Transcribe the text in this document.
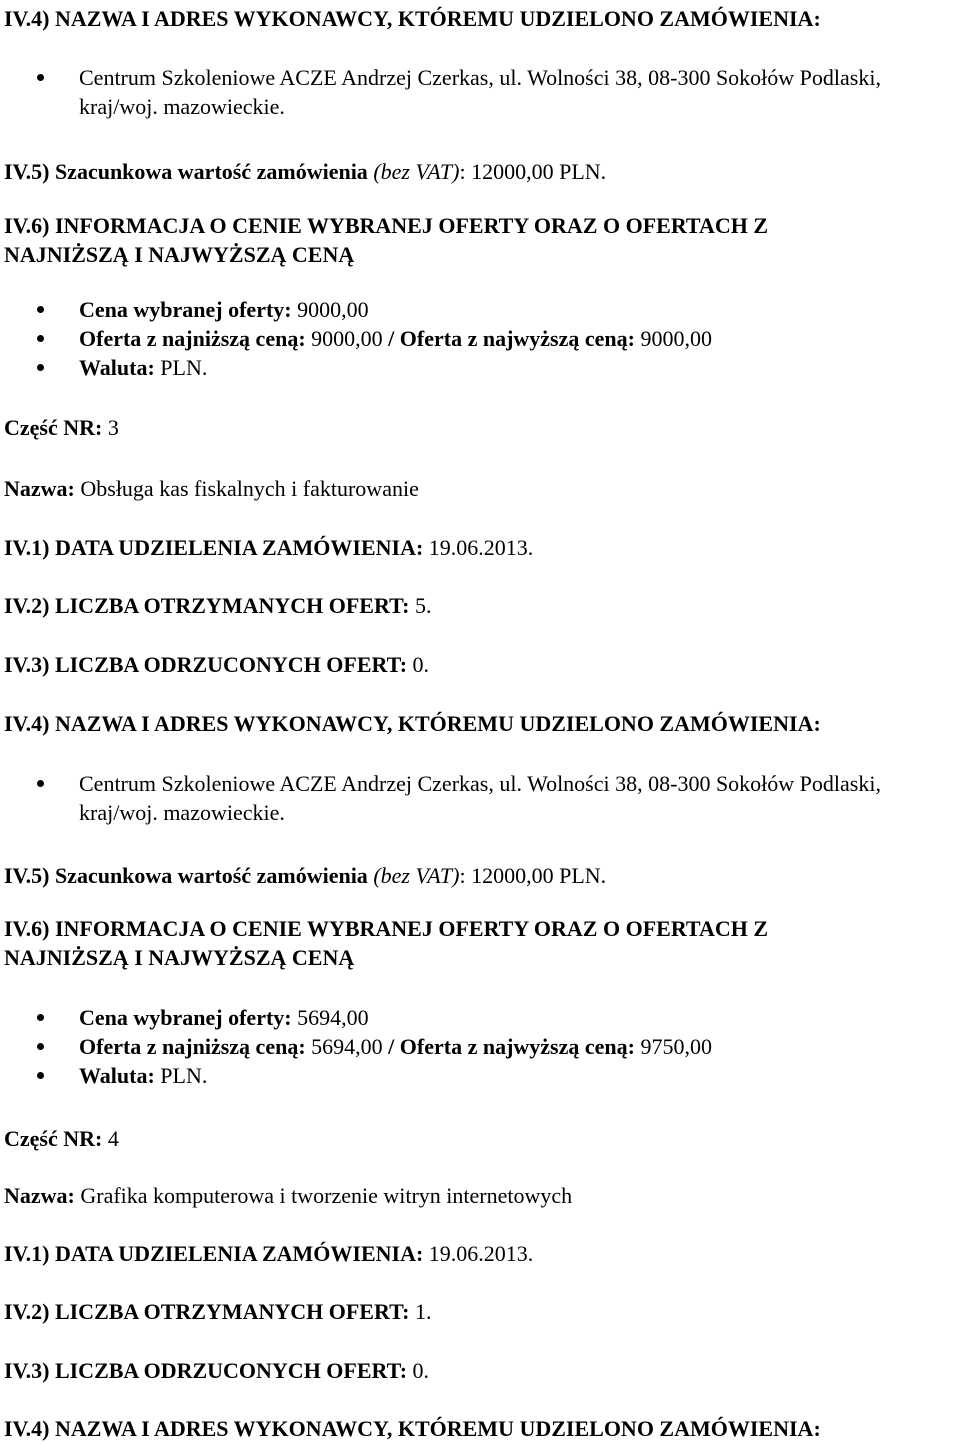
IV.4) NAZWA I ADRES WYKONAWCY, KTÓREMU UDZIELONO ZAMÓWIENIA:
Centrum Szkoleniowe ACZE Andrzej Czerkas, ul. Wolności 38, 08-300 Sokołów Podlaski, kraj/woj. mazowieckie.
IV.5) Szacunkowa wartość zamówienia (bez VAT): 12000,00 PLN.
IV.6) INFORMACJA O CENIE WYBRANEJ OFERTY ORAZ O OFERTACH Z
NAJNIŻSZĄ I NAJWYŻSZĄ CENĄ
Cena wybranej oferty: 9000,00
Oferta z najniższą ceną: 9000,00 / Oferta z najwyższą ceną: 9000,00
Waluta: PLN.
Część NR: 3
Nazwa: Obsługa kas fiskalnych i fakturowanie
IV.1) DATA UDZIELENIA ZAMÓWIENIA: 19.06.2013.
IV.2) LICZBA OTRZYMANYCH OFERT: 5.
IV.3) LICZBA ODRZUCONYCH OFERT: 0.
IV.4) NAZWA I ADRES WYKONAWCY, KTÓREMU UDZIELONO ZAMÓWIENIA:
Centrum Szkoleniowe ACZE Andrzej Czerkas, ul. Wolności 38, 08-300 Sokołów Podlaski, kraj/woj. mazowieckie.
IV.5) Szacunkowa wartość zamówienia (bez VAT): 12000,00 PLN.
IV.6) INFORMACJA O CENIE WYBRANEJ OFERTY ORAZ O OFERTACH Z
NAJNIŻSZĄ I NAJWYŻSZĄ CENĄ
Cena wybranej oferty: 5694,00
Oferta z najniższą ceną: 5694,00 / Oferta z najwyższą ceną: 9750,00
Waluta: PLN.
Część NR: 4
Nazwa: Grafika komputerowa i tworzenie witryn internetowych
IV.1) DATA UDZIELENIA ZAMÓWIENIA: 19.06.2013.
IV.2) LICZBA OTRZYMANYCH OFERT: 1.
IV.3) LICZBA ODRZUCONYCH OFERT: 0.
IV.4) NAZWA I ADRES WYKONAWCY, KTÓREMU UDZIELONO ZAMÓWIENIA:
